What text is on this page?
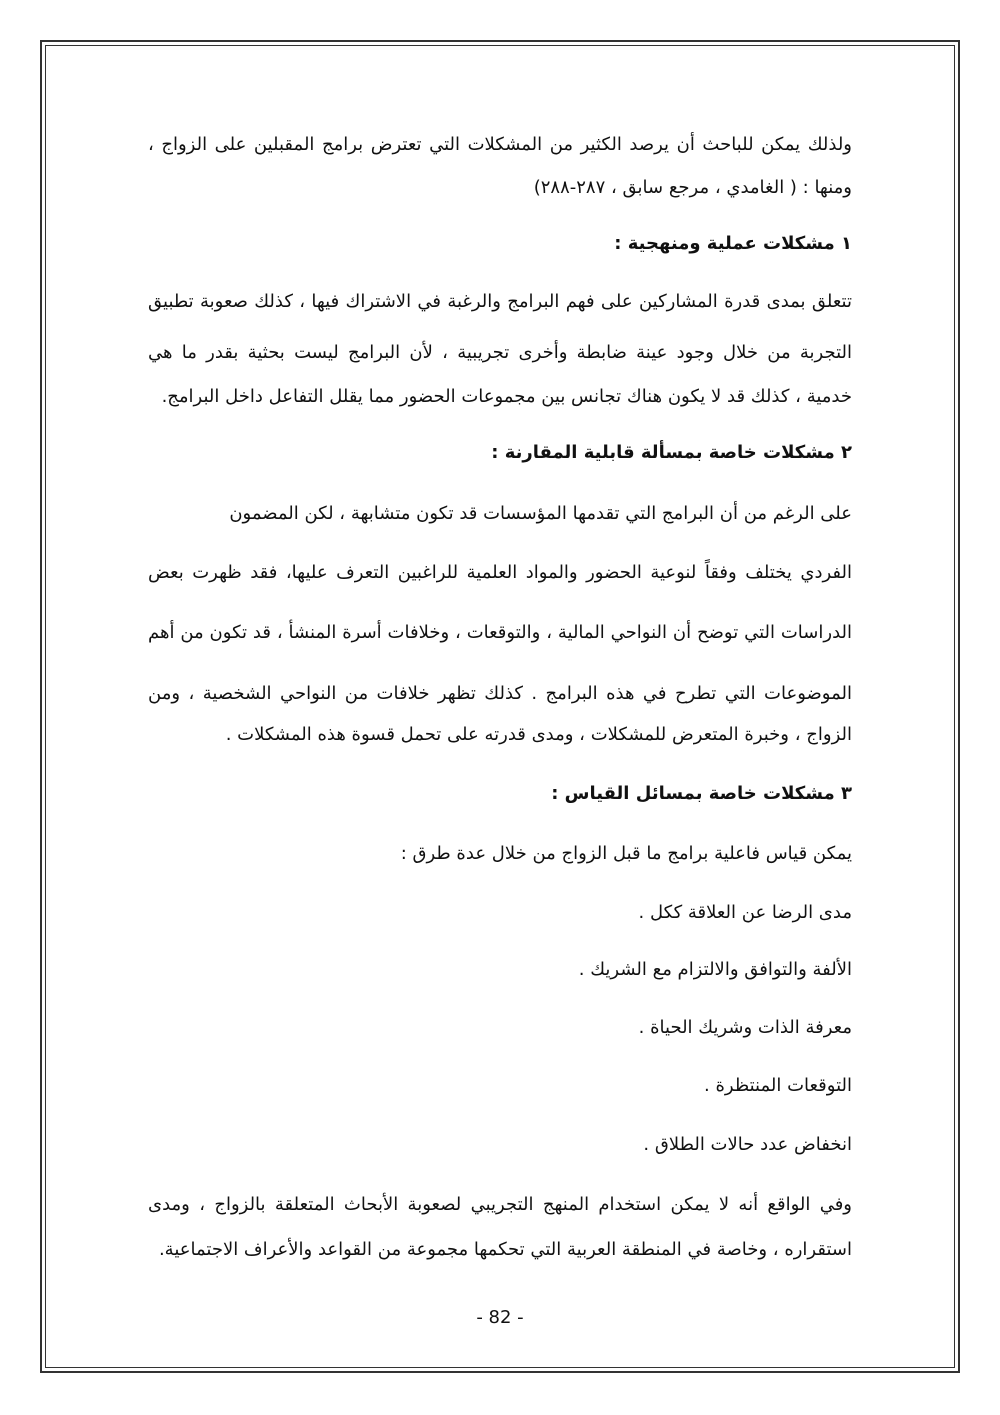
ولذلك يمكن للباحث أن يرصد الكثير من المشكلات التي تعترض برامج المقبلين على الزواج ،
ومنها : ( الغامدي ، مرجع سابق ، ٢٨٧-٢٨٨)
١ مشكلات عملية ومنهجية :
تتعلق بمدى قدرة المشاركين على فهم البرامج والرغبة في الاشتراك فيها ، كذلك صعوبة تطبيق
التجربة من خلال وجود عينة ضابطة وأخرى تجريبية ، لأن البرامج ليست بحثية بقدر ما هي
خدمية ، كذلك قد لا يكون هناك تجانس بين مجموعات الحضور مما يقلل التفاعل داخل البرامج.
٢ مشكلات خاصة بمسألة قابلية المقارنة :
على الرغم من أن البرامج التي تقدمها المؤسسات قد تكون متشابهة ، لكن المضمون
الفردي يختلف وفقاً لنوعية الحضور والمواد العلمية للراغبين التعرف عليها، فقد ظهرت بعض
الدراسات التي توضح أن النواحي المالية ، والتوقعات ، وخلافات أسرة المنشأ ، قد تكون من أهم
الموضوعات التي تطرح في هذه البرامج . كذلك تظهر خلافات من النواحي الشخصية ، ومن
الزواج ، وخبرة المتعرض للمشكلات ، ومدى قدرته على تحمل قسوة هذه المشكلات .
٣ مشكلات خاصة بمسائل القياس :
يمكن قياس فاعلية برامج ما قبل الزواج من خلال عدة طرق :
مدى الرضا عن العلاقة ككل .
الألفة والتوافق والالتزام مع الشريك .
معرفة الذات وشريك الحياة .
التوقعات المنتظرة .
انخفاض عدد حالات الطلاق .
وفي الواقع أنه لا يمكن استخدام المنهج التجريبي لصعوبة الأبحاث المتعلقة بالزواج ، ومدى
استقراره ، وخاصة في المنطقة العربية التي تحكمها مجموعة من القواعد والأعراف الاجتماعية.
- 82 -
